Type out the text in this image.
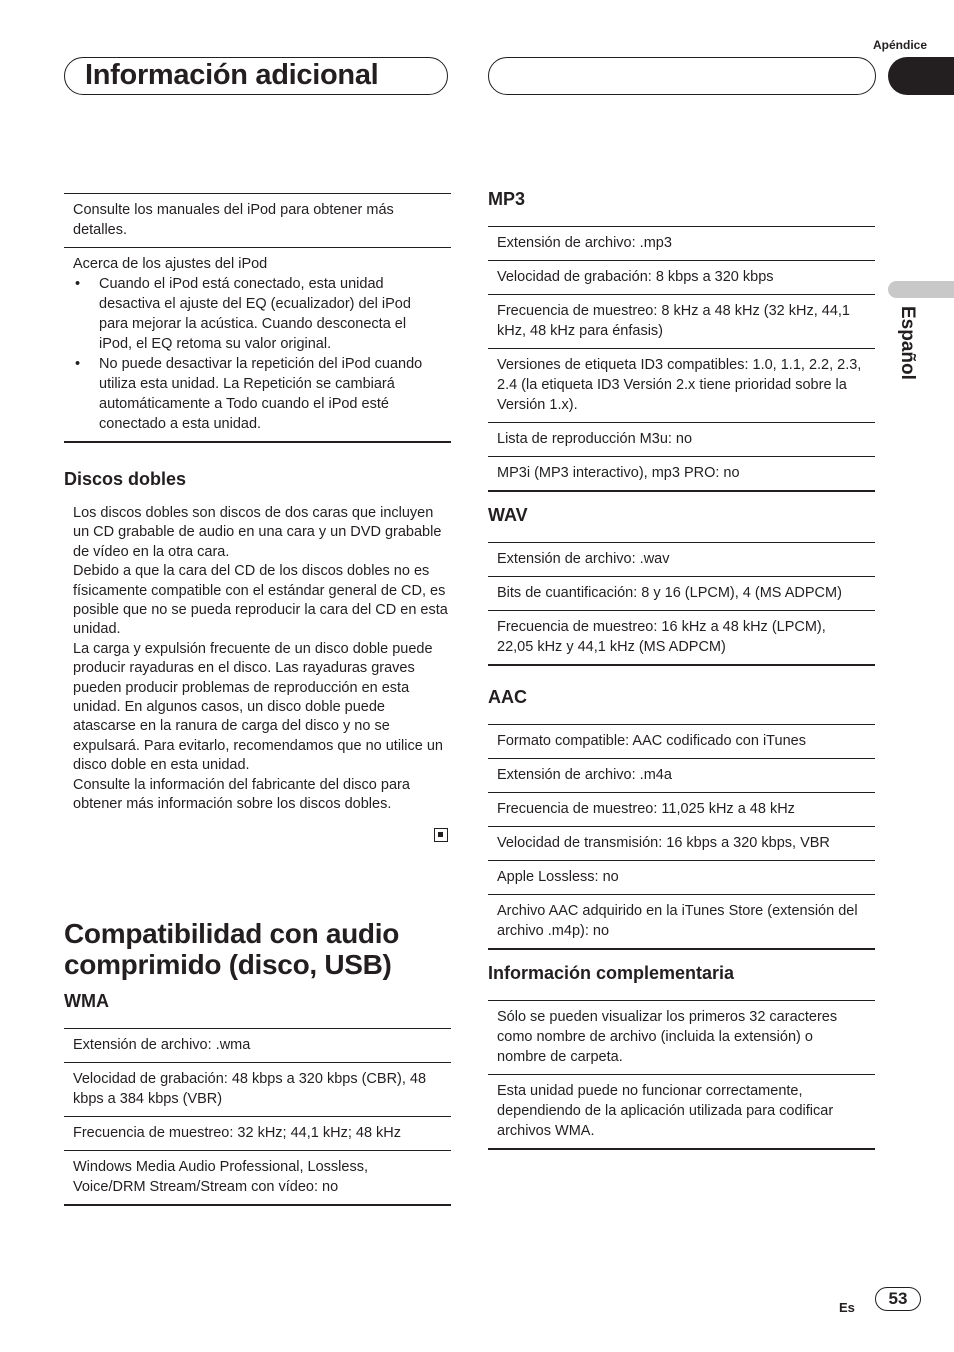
Apéndice
Información adicional
Español
Consulte los manuales del iPod para obtener más detalles.
Acerca de los ajustes del iPod
• Cuando el iPod está conectado, esta unidad desactiva el ajuste del EQ (ecualizador) del iPod para mejorar la acústica. Cuando desconecta el iPod, el EQ retoma su valor original.
• No puede desactivar la repetición del iPod cuando utiliza esta unidad. La Repetición se cambiará automáticamente a Todo cuando el iPod esté conectado a esta unidad.
Discos dobles
Los discos dobles son discos de dos caras que incluyen un CD grabable de audio en una cara y un DVD grabable de vídeo en la otra cara.
Debido a que la cara del CD de los discos dobles no es físicamente compatible con el estándar general de CD, es posible que no se pueda reproducir la cara del CD en esta unidad.
La carga y expulsión frecuente de un disco doble puede producir rayaduras en el disco. Las rayaduras graves pueden producir problemas de reproducción en esta unidad. En algunos casos, un disco doble puede atascarse en la ranura de carga del disco y no se expulsará. Para evitarlo, recomendamos que no utilice un disco doble en esta unidad.
Consulte la información del fabricante del disco para obtener más información sobre los discos dobles.
Compatibilidad con audio comprimido (disco, USB)
WMA
Extensión de archivo: .wma
Velocidad de grabación: 48 kbps a 320 kbps (CBR), 48 kbps a 384 kbps (VBR)
Frecuencia de muestreo: 32 kHz; 44,1 kHz; 48 kHz
Windows Media Audio Professional, Lossless, Voice/DRM Stream/Stream con vídeo: no
MP3
Extensión de archivo: .mp3
Velocidad de grabación: 8 kbps a 320 kbps
Frecuencia de muestreo: 8 kHz a 48 kHz (32 kHz, 44,1 kHz, 48 kHz para énfasis)
Versiones de etiqueta ID3 compatibles: 1.0, 1.1, 2.2, 2.3, 2.4 (la etiqueta ID3 Versión 2.x tiene prioridad sobre la Versión 1.x).
Lista de reproducción M3u: no
MP3i (MP3 interactivo), mp3 PRO: no
WAV
Extensión de archivo: .wav
Bits de cuantificación: 8 y 16 (LPCM), 4 (MS ADPCM)
Frecuencia de muestreo: 16 kHz a 48 kHz (LPCM), 22,05 kHz y 44,1 kHz (MS ADPCM)
AAC
Formato compatible: AAC codificado con iTunes
Extensión de archivo: .m4a
Frecuencia de muestreo: 11,025 kHz a 48 kHz
Velocidad de transmisión: 16 kbps a 320 kbps, VBR
Apple Lossless: no
Archivo AAC adquirido en la iTunes Store (extensión del archivo .m4p): no
Información complementaria
Sólo se pueden visualizar los primeros 32 caracteres como nombre de archivo (incluida la extensión) o nombre de carpeta.
Esta unidad puede no funcionar correctamente, dependiendo de la aplicación utilizada para codificar archivos WMA.
Es	53
